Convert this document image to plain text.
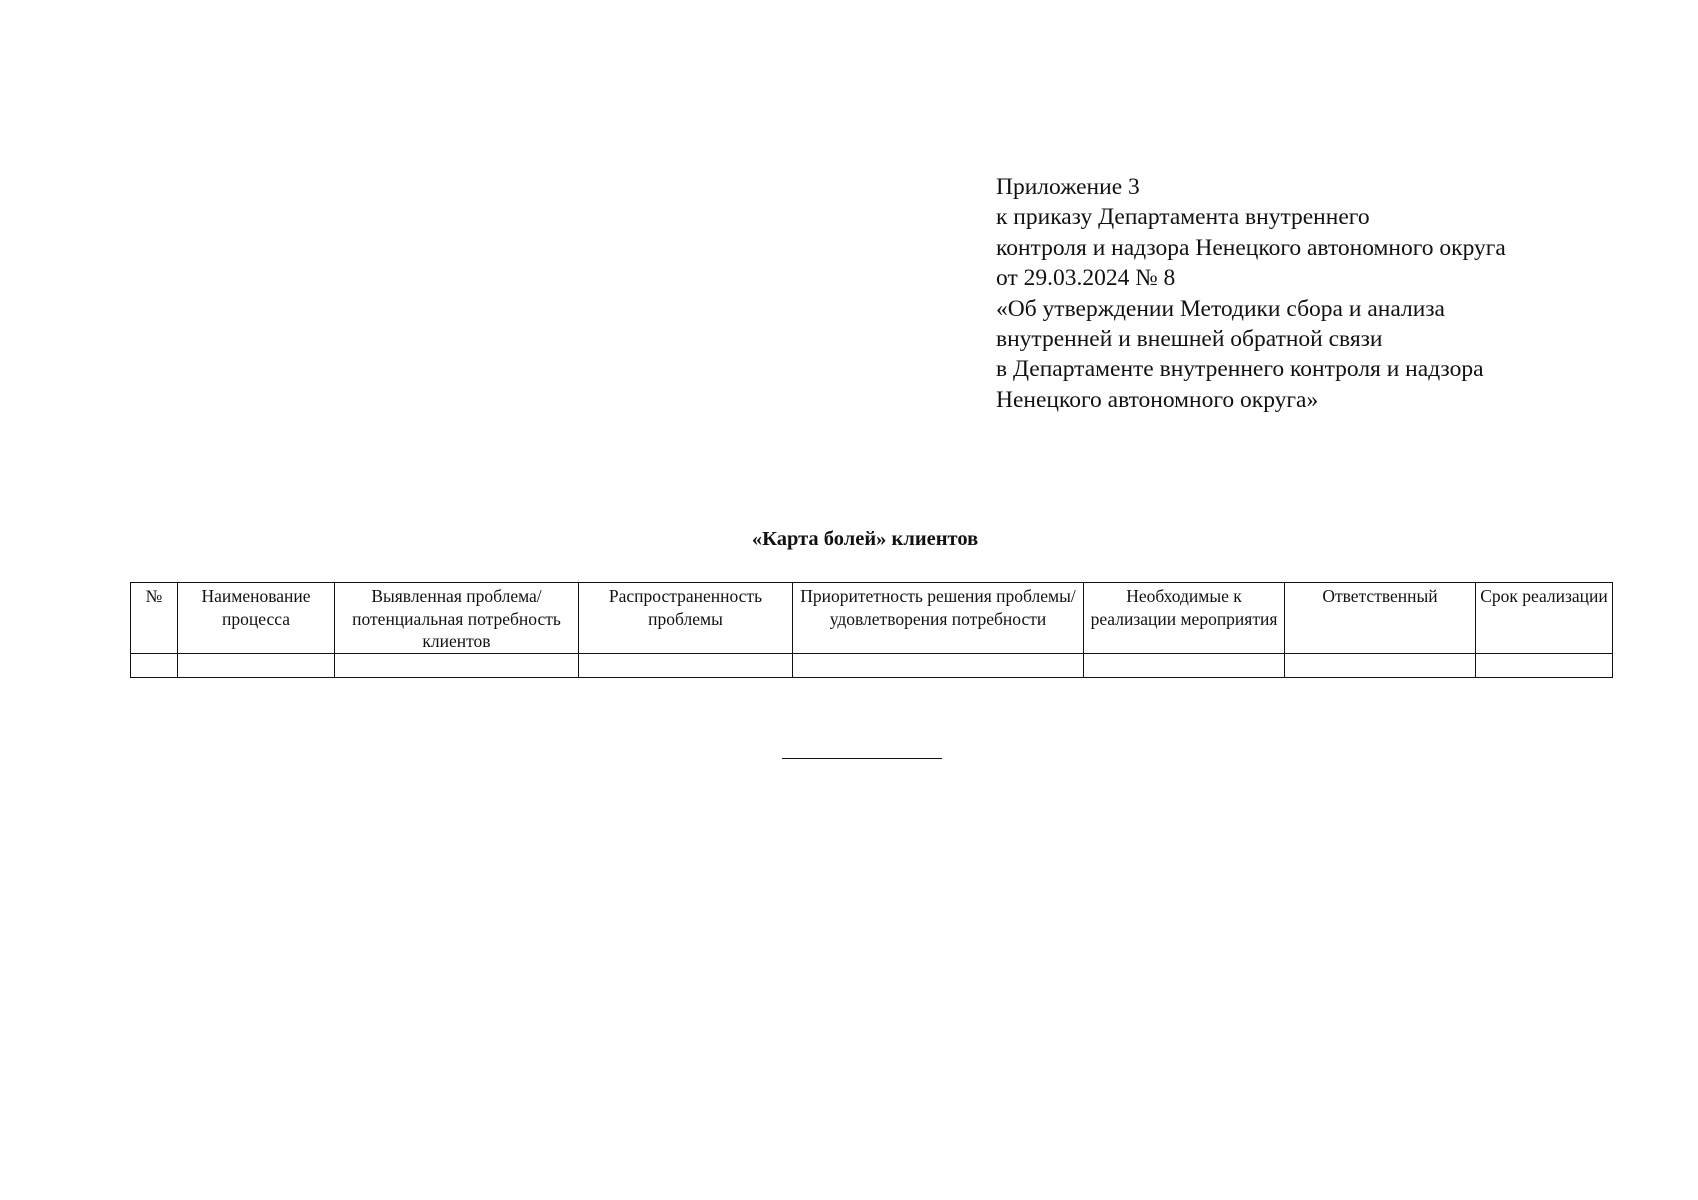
Приложение 3
к приказу Департамента внутреннего
контроля и надзора Ненецкого автономного округа
от 29.03.2024 № 8
«Об утверждении Методики сбора и анализа
внутренней и внешней обратной связи
в Департаменте внутреннего контроля и надзора
Ненецкого автономного округа»
«Карта болей» клиентов
№	Наименование процесса	Выявленная проблема/потенциальная потребность клиентов	Распространенность проблемы	Приоритетность решения проблемы/удовлетворения потребности	Необходимые к реализации мероприятия	Ответственный	Срок реализации
